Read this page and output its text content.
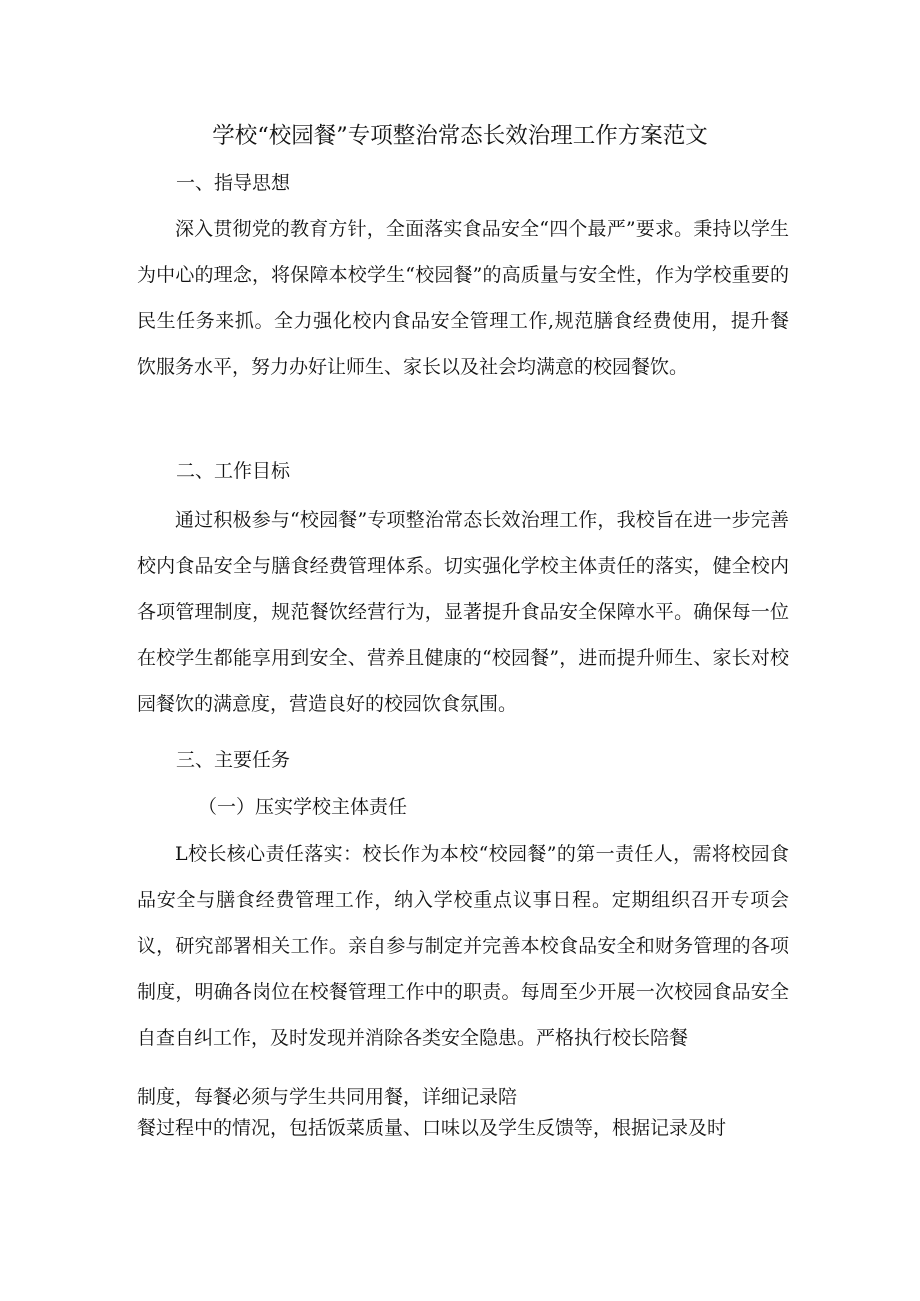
学校“校园餐”专项整治常态长效治理工作方案范文
一、指导思想

深入贯彻党的教育方针，全面落实食品安全“四个最严”要求。秉持以学生为中心的理念，将保障本校学生“校园餐”的高质量与安全性，作为学校重要的民生任务来抓。全力强化校内食品安全管理工作,规范膳食经费使用，提升餐饮服务水平，努力办好让师生、家长以及社会均满意的校园餐饮。

二、工作目标

通过积极参与“校园餐”专项整治常态长效治理工作，我校旨在进一步完善校内食品安全与膳食经费管理体系。切实强化学校主体责任的落实，健全校内各项管理制度，规范餐饮经营行为，显著提升食品安全保障水平。确保每一位在校学生都能享用到安全、营养且健康的“校园餐”，进而提升师生、家长对校园餐饮的满意度，营造良好的校园饮食氛围。

三、主要任务
（一）压实学校主体责任

L校长核心责任落实：校长作为本校“校园餐”的第一责任人，需将校园食品安全与膳食经费管理工作，纳入学校重点议事日程。定期组织召开专项会议，研究部署相关工作。亲自参与制定并完善本校食品安全和财务管理的各项制度，明确各岗位在校餐管理工作中的职责。每周至少开展一次校园食品安全自查自纠工作，及时发现并消除各类安全隐患。严格执行校长陪餐

制度，每餐必须与学生共同用餐，详细记录陪

餐过程中的情况，包括饭菜质量、口味以及学生反馈等，根据记录及时
